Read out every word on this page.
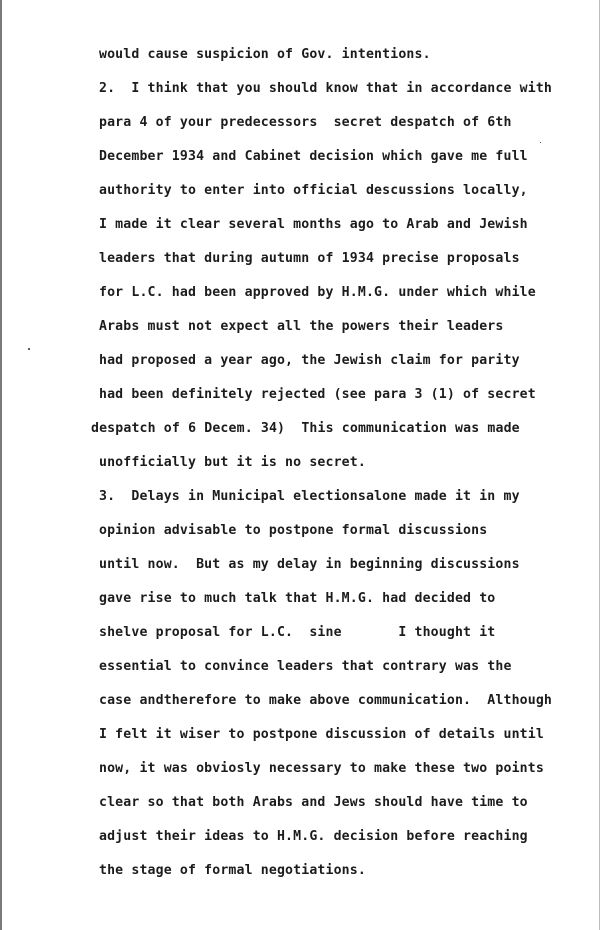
would cause suspicion of Gov. intentions.
2.  I think that you should know that in accordance with
para 4 of your predecessors  secret despatch of 6th
December 1934 and Cabinet decision which gave me full
authority to enter into official descussions locally,
I made it clear several months ago to Arab and Jewish
leaders that during autumn of 1934 precise proposals
for L.C. had been approved by H.M.G. under which while
Arabs must not expect all the powers their leaders
had proposed a year ago, the Jewish claim for parity
had been definitely rejected (see para 3 (1) of secret
despatch of 6 Decem. 34)  This communication was made
unofficially but it is no secret.
3.  Delays in Municipal electionsalone made it in my
opinion advisable to postpone formal discussions
until now.  But as my delay in beginning discussions
gave rise to much talk that H.M.G. had decided to
shelve proposal for L.C.  sine       I thought it
essential to convince leaders that contrary was the
case andtherefore to make above communication.  Although
I felt it wiser to postpone discussion of details until
now, it was obviosly necessary to make these two points
clear so that both Arabs and Jews should have time to
adjust their ideas to H.M.G. decision before reaching
the stage of formal negotiations.
